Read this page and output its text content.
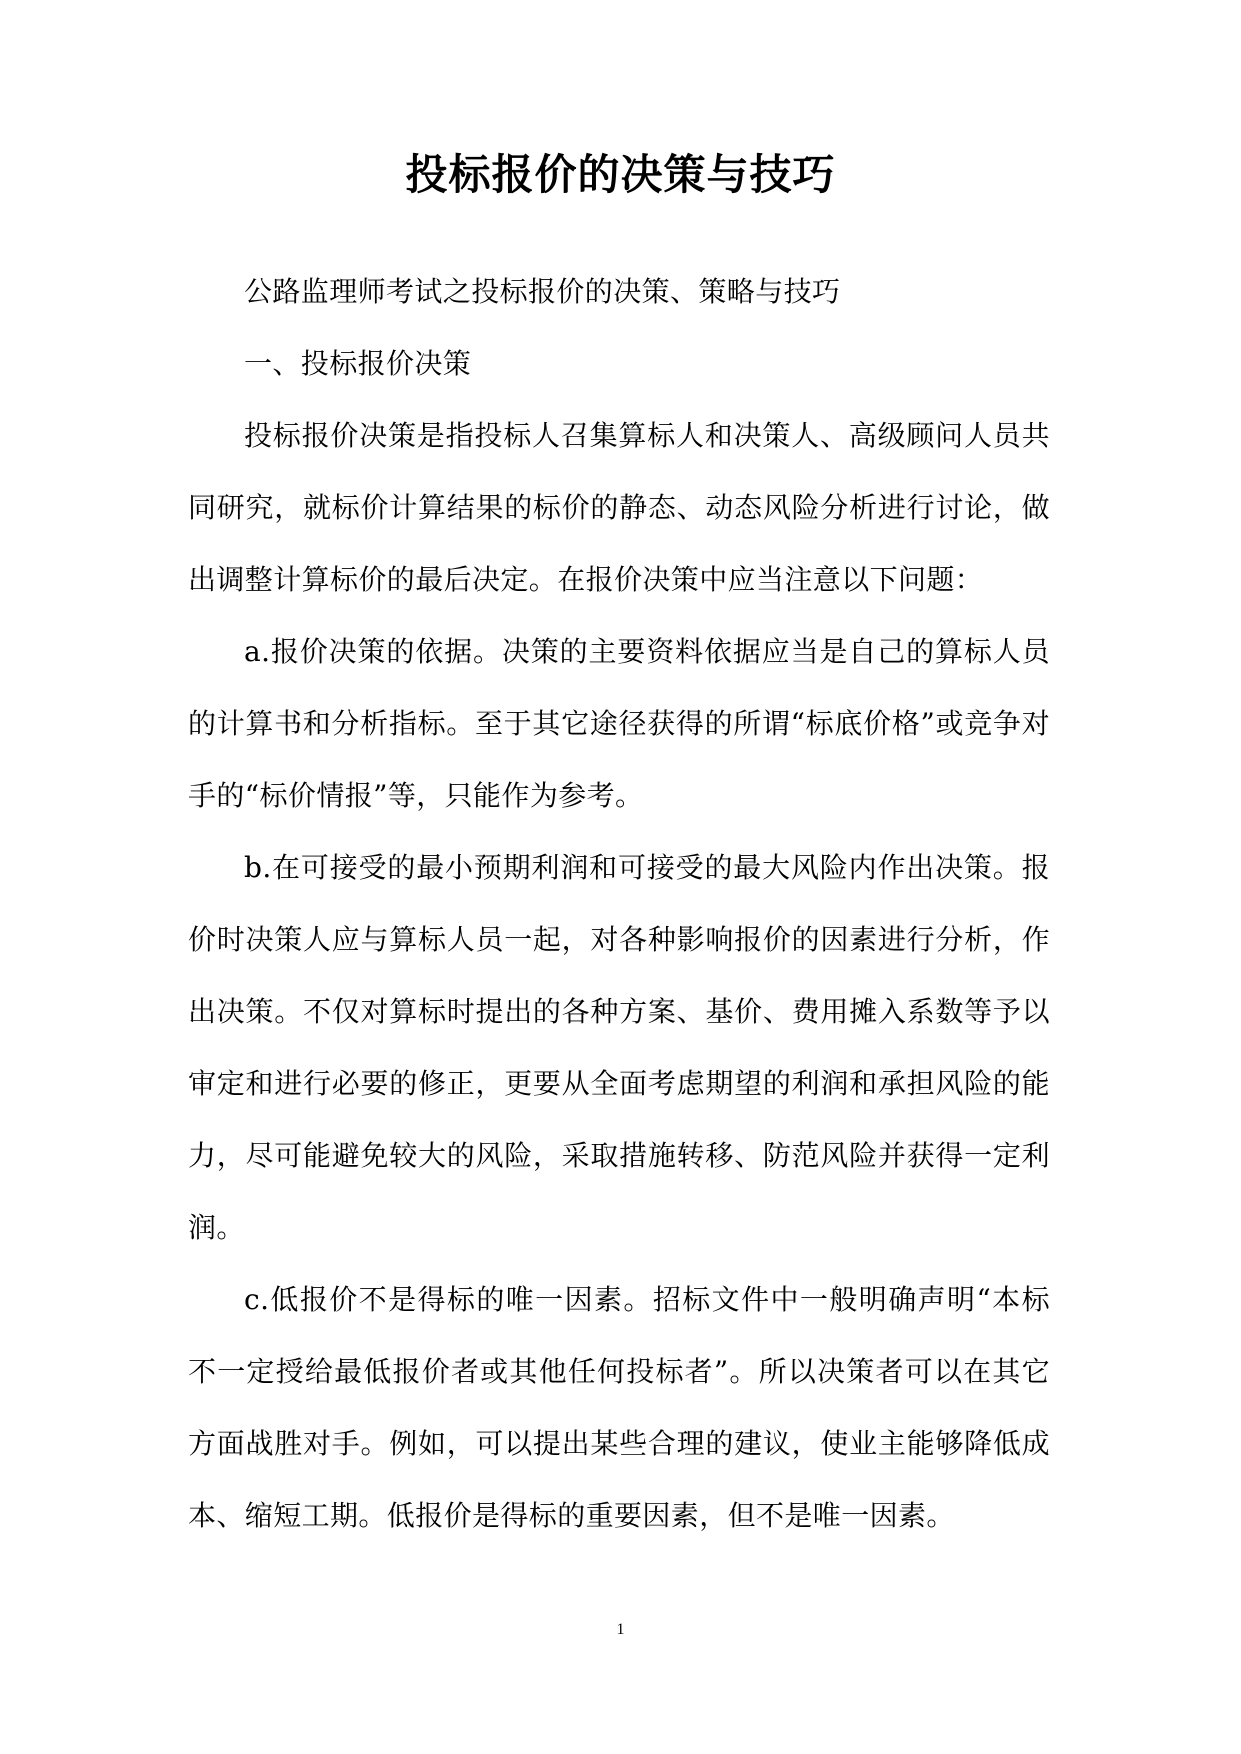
投标报价的决策与技巧

公路监理师考试之投标报价的决策、策略与技巧

一、投标报价决策

投标报价决策是指投标人召集算标人和决策人、高级顾问人员共同研究，就标价计算结果的标价的静态、动态风险分析进行讨论，做出调整计算标价的最后决定。在报价决策中应当注意以下问题：

a.报价决策的依据。决策的主要资料依据应当是自己的算标人员的计算书和分析指标。至于其它途径获得的所谓“标底价格”或竞争对手的“标价情报”等，只能作为参考。

b.在可接受的最小预期利润和可接受的最大风险内作出决策。报价时决策人应与算标人员一起，对各种影响报价的因素进行分析，作出决策。不仅对算标时提出的各种方案、基价、费用摊入系数等予以审定和进行必要的修正，更要从全面考虑期望的利润和承担风险的能力，尽可能避免较大的风险，采取措施转移、防范风险并获得一定利润。

c.低报价不是得标的唯一因素。招标文件中一般明确声明“本标不一定授给最低报价者或其他任何投标者”。所以决策者可以在其它方面战胜对手。例如，可以提出某些合理的建议，使业主能够降低成本、缩短工期。低报价是得标的重要因素，但不是唯一因素。

1
